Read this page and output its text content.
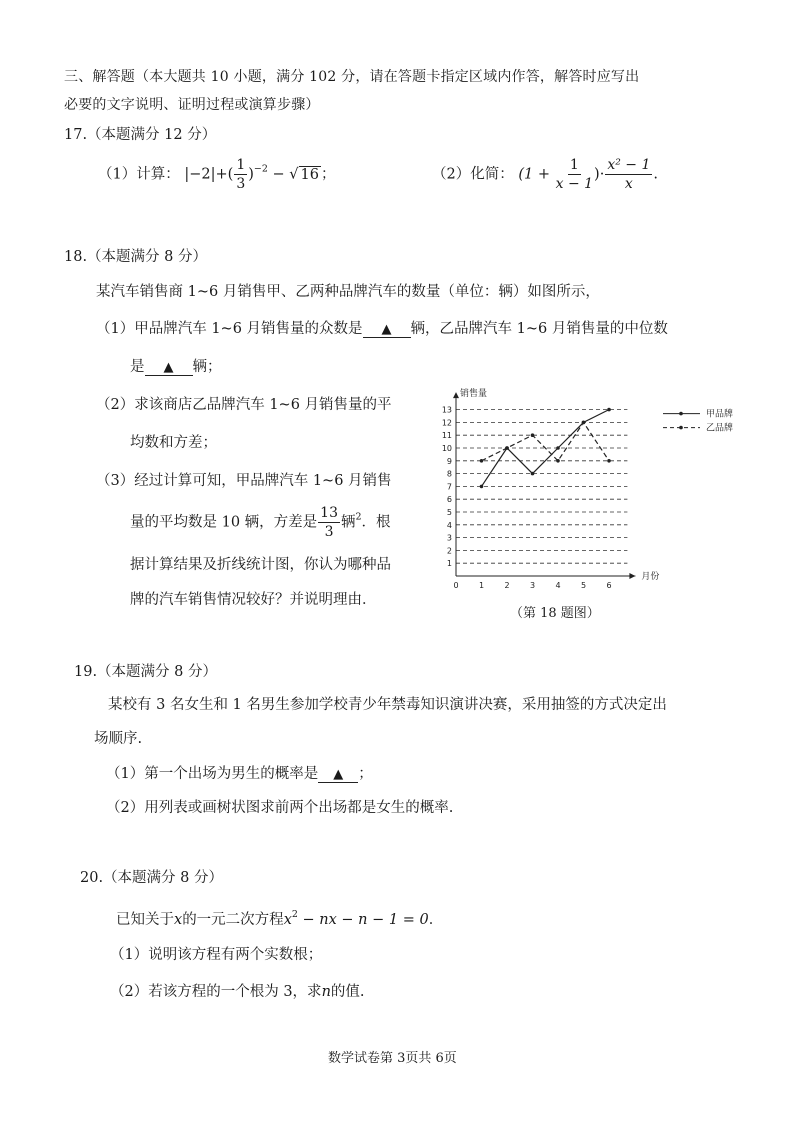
三、解答题（本大题共 10 小题，满分 102 分，请在答题卡指定区域内作答，解答时应写出
必要的文字说明、证明过程或演算步骤）
17.（本题满分 12 分）
（1）计算： $|-2|+( \frac{1}{3} )^{-2}$ − √ 16 ；	（2）化简： ($1 + \frac{1}{x - 1}$ )· $\frac{\text{x² − 1}}{x}$ .
18.（本题满分 8 分）
某汽车销售商 1~6 月销售甲、乙两种品牌汽车的数量（单位：辆）如图所示，
（1）甲品牌汽车 1~6 月销售量的众数是 ▲ 辆，乙品牌汽车 1~6 月销售量的中位数
是 ▲ 辆；
（2）求该商店乙品牌汽车 1~6 月销售量的平
均数和方差；
（3）经过计算可知，甲品牌汽车 1~6 月销售
量的平均数是 10 辆，方差是 $\frac{13}{3}$ 辆$^2$．根
据计算结果及折线统计图，你认为哪种品
牌的汽车销售情况较好？并说明理由．
1
2
3
4
5
6
7
8
9
10
11
12
13
销售量
月份
0	1	2	3	4	5	6
甲品牌
乙品牌
（第 18 题图）
19.（本题满分 8 分）
某校有 3 名女生和 1 名男生参加学校青少年禁毒知识演讲决赛，采用抽签的方式决定出
场顺序.
（1）第一个出场为男生的概率是 ▲ ；
（2）用列表或画树状图求前两个出场都是女生的概率.
20.（本题满分 8 分）
已知关于x的一元二次方程$x^2$ − nx − n − 1 = 0．
（1）说明该方程有两个实数根；
（2）若该方程的一个根为 3，求n的值.
数学试卷第 3页共 6页
